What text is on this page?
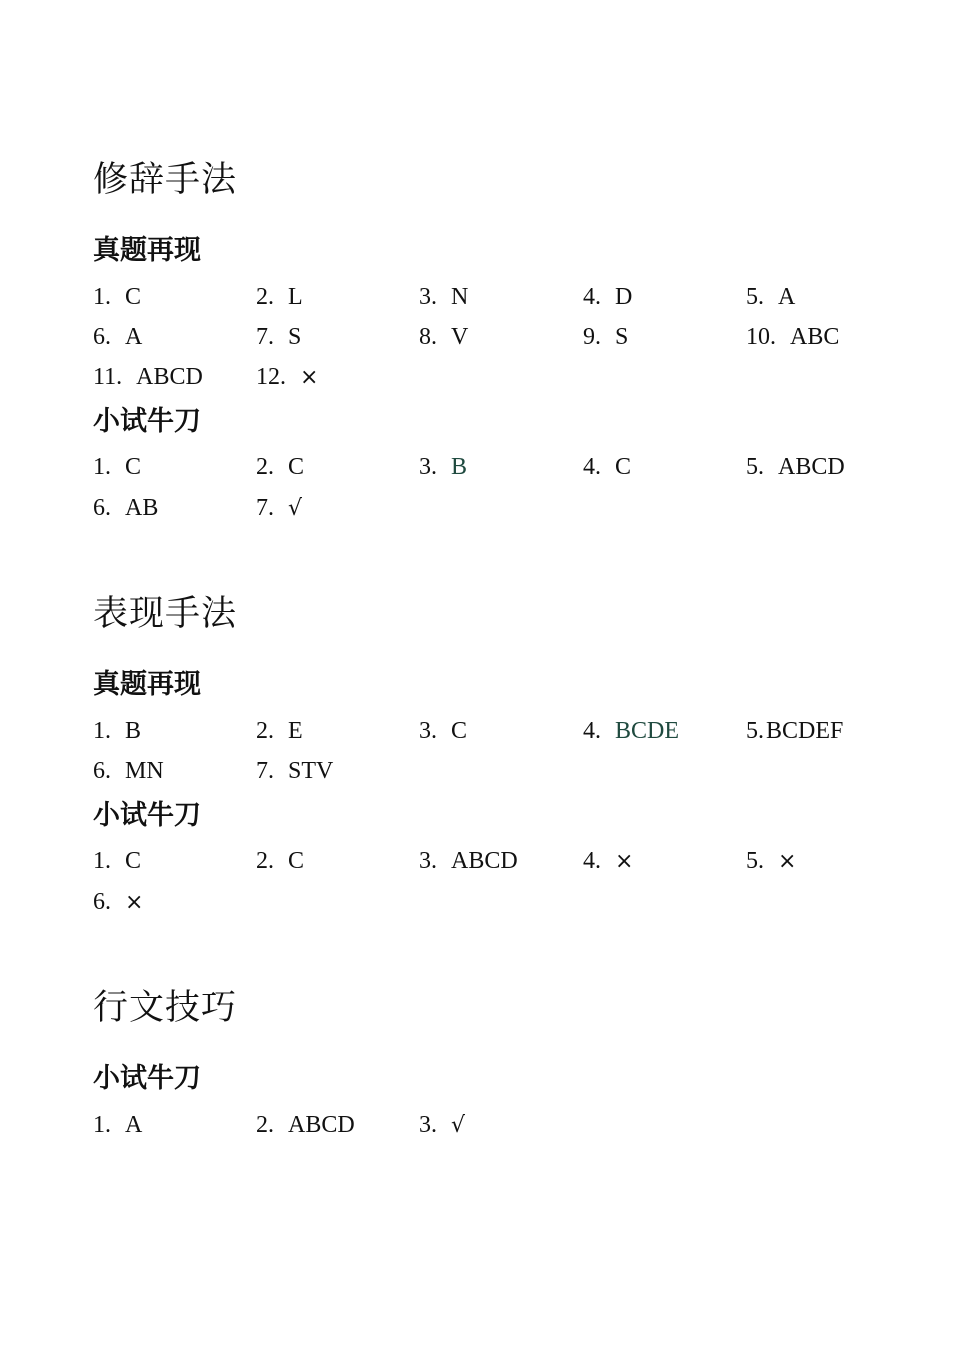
修辞手法
真题再现
1. C	2. L	3. N	4. D	5. A
6. A	7. S	8. V	9. S	10. ABC
11. ABCD 12. ×
小试牛刀
1. C	2. C	3. B	4. C	5. ABCD
6. AB	7. √
表现手法
真题再现
1. B	2. E	3. C	4. BCDE	5.BCDEF
6. MN	7. STV
小试牛刀
1. C	2. C	3. ABCD	4. ×	5. ×
6. ×
行文技巧
小试牛刀
1. A	2. ABCD	3. √
